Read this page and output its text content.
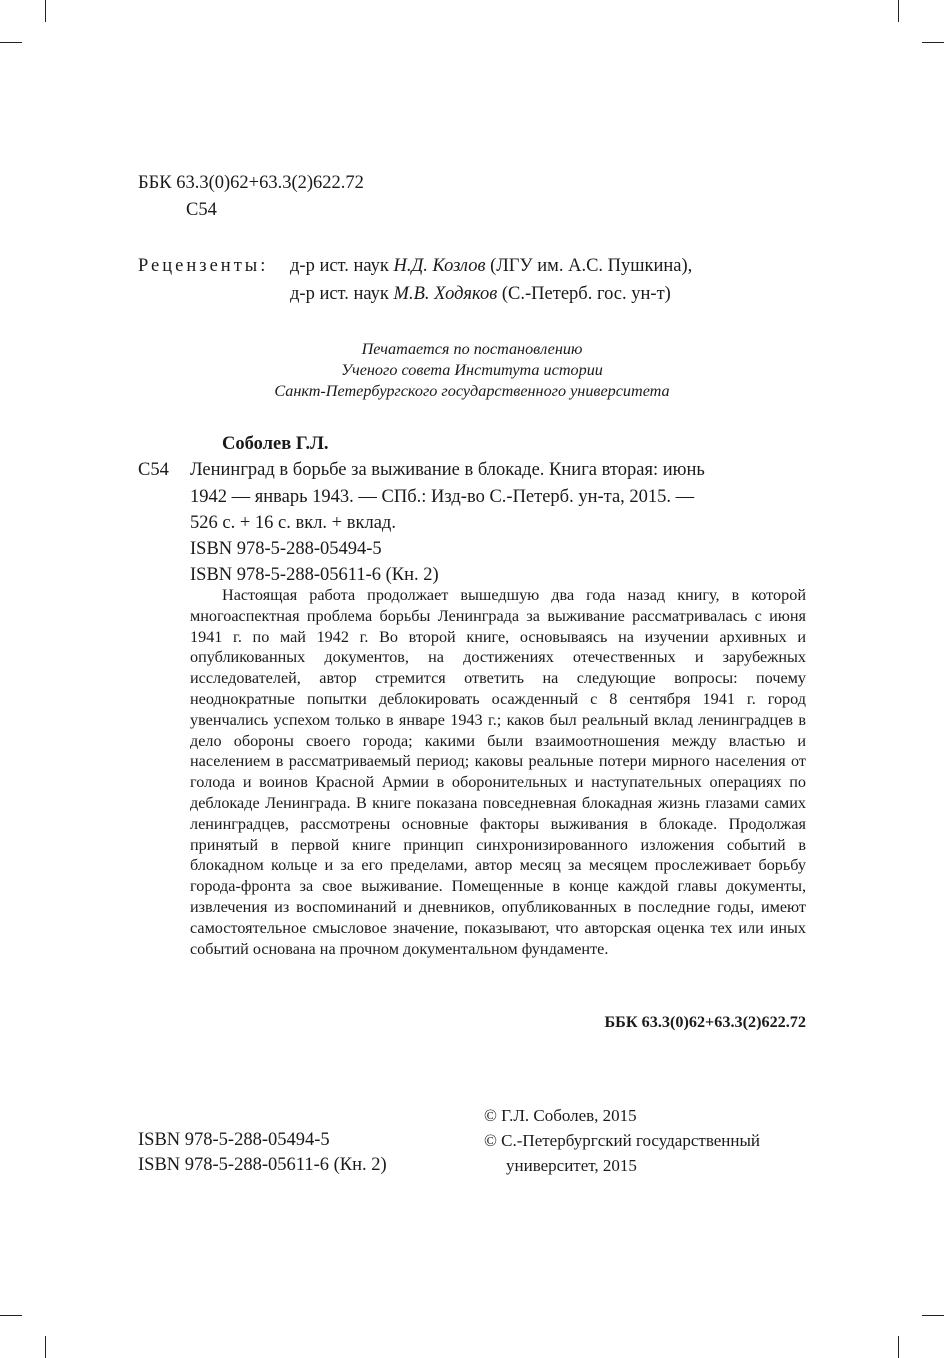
ББК 63.3(0)62+63.3(2)622.72
С54
Рецензенты: д-р ист. наук Н.Д. Козлов (ЛГУ им. А.С. Пушкина),
д-р ист. наук М.В. Ходяков (С.-Петерб. гос. ун-т)
Печатается по постановлению
Ученого совета Института истории
Санкт-Петербургского государственного университета
Соболев Г.Л.
С54 Ленинград в борьбе за выживание в блокаде. Книга вторая: июнь
1942 — январь 1943. — СПб.: Изд-во С.-Петерб. ун-та, 2015. —
526 с. + 16 с. вкл. + вклад.
ISBN 978-5-288-05494-5
ISBN 978-5-288-05611-6 (Кн. 2)
Настоящая работа продолжает вышедшую два года назад книгу, в которой многоаспектная проблема борьбы Ленинграда за выживание рассматривалась с июня 1941 г. по май 1942 г. Во второй книге, основываясь на изучении архивных и опубликованных документов, на достижениях отечественных и зарубежных исследователей, автор стремится ответить на следующие вопросы: почему неоднократные попытки деблокировать осажденный с 8 сентября 1941 г. город увенчались успехом только в январе 1943 г.; каков был реальный вклад ленинградцев в дело обороны своего города; какими были взаимоотношения между властью и населением в рассматриваемый период; каковы реальные потери мирного населения от голода и воинов Красной Армии в оборонительных и наступательных операциях по деблокаде Ленинграда. В книге показана повседневная блокадная жизнь глазами самих ленинградцев, рассмотрены основные факторы выживания в блокаде. Продолжая принятый в первой книге принцип синхронизированного изложения событий в блокадном кольце и за его пределами, автор месяц за месяцем прослеживает борьбу города-фронта за свое выживание. Помещенные в конце каждой главы документы, извлечения из воспоминаний и дневников, опубликованных в последние годы, имеют самостоятельное смысловое значение, показывают, что авторская оценка тех или иных событий основана на прочном документальном фундаменте.
ББК 63.3(0)62+63.3(2)622.72
ISBN 978-5-288-05494-5
ISBN 978-5-288-05611-6 (Кн. 2)
© Г.Л. Соболев, 2015
© С.-Петербургский государственный
университет, 2015
